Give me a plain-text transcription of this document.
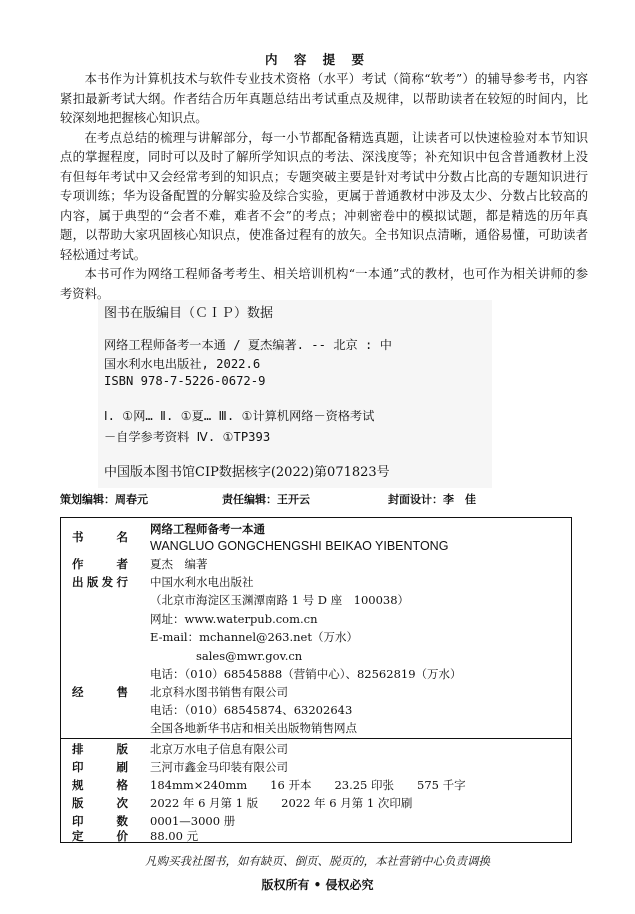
内 容 提 要

本书作为计算机技术与软件专业技术资格（水平）考试（简称“软考”）的辅导参考书，内容紧扣最新考试大纲。作者结合历年真题总结出考试重点及规律，以帮助读者在较短的时间内，比较深刻地把握核心知识点。

在考点总结的梳理与讲解部分，每一小节都配备精选真题，让读者可以快速检验对本节知识点的掌握程度，同时可以及时了解所学知识点的考法、深浅度等；补充知识中包含普通教材上没有但每年考试中又会经常考到的知识点；专题突破主要是针对考试中分数占比高的专题知识进行专项训练；华为设备配置的分解实验及综合实验，更属于普通教材中涉及太少、分数占比较高的内容，属于典型的“会者不难，难者不会”的考点；冲刺密卷中的模拟试题，都是精选的历年真题，以帮助大家巩固核心知识点，使准备过程有的放矢。全书知识点清晰，通俗易懂，可助读者轻松通过考试。

本书可作为网络工程师备考考生、相关培训机构“一本通”式的教材，也可作为相关讲师的参考资料。

图书在版编目（ＣＩＰ）数据
网络工程师备考一本通 / 夏杰编著. -- 北京 : 中
国水利水电出版社, 2022.6
ISBN 978-7-5226-0672-9
Ⅰ. ①网… Ⅱ. ①夏… Ⅲ. ①计算机网络－资格考试
－自学参考资料 Ⅳ. ①TP393
中国版本图书馆CIP数据核字(2022)第071823号
策划编辑：周春元	责任编辑：王开云	封面设计：李　佳
书 名
网络工程师备考一本通
WANGLUO GONGCHENGSHI BEIKAO YIBENTONG
作 者 夏杰　编著
出版发行 中国水利水电出版社
（北京市海淀区玉渊潭南路 1 号 D 座　100038）
网址：www.waterpub.com.cn
E-mail：mchannel@263.net（万水）
　　　　sales@mwr.gov.cn
电话：（010）68545888（营销中心）、82562819（万水）
经 售 北京科水图书销售有限公司
电话：（010）68545874、63202643
全国各地新华书店和相关出版物销售网点
排 版 北京万水电子信息有限公司
印 刷 三河市鑫金马印装有限公司
规 格 184mm×240mm　　16 开本　　23.25 印张　　575 千字
版 次 2022 年 6 月第 1 版　　2022 年 6 月第 1 次印刷
印 数 0001—3000 册
定 价 88.00 元
凡购买我社图书，如有缺页、倒页、脱页的，本社营销中心负责调换
版权所有 • 侵权必究
